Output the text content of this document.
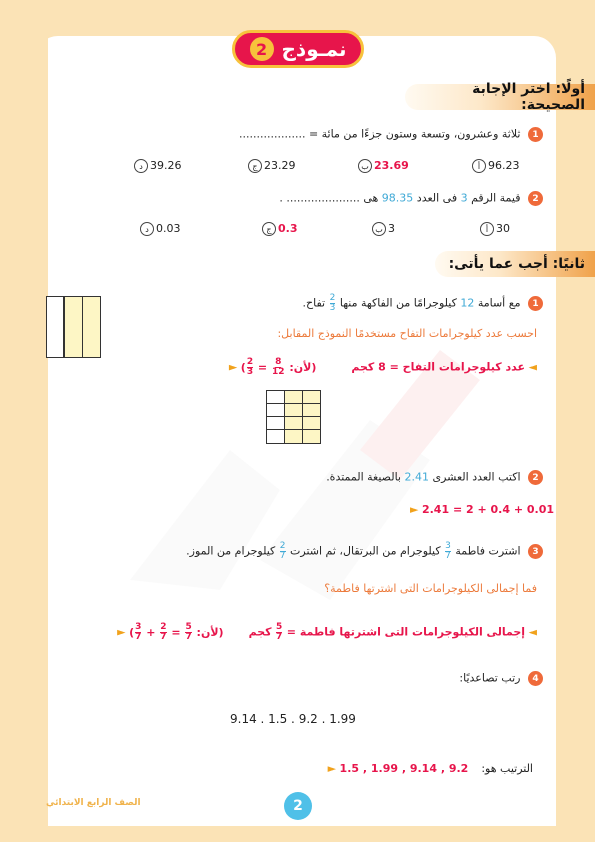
نمـوذج
2
أولًا: اختر الإجابة الصحيحة:
1 ثلاثة وعشرون، وتسعة وستون جزءًا من مائة = ...................
أ 96.23
ب 23.69
ج 23.29
د 39.26
2 قيمة الرقم 3 فى العدد 98.35 هى ..................... .
أ 30
ب 3
ج 0.3
د 0.03
ثانيًا: أجب عما يأتى:
1 مع أسامة 12 كيلوجرامًا من الفاكهة منها
$\frac{2}{3}$
تفاح.
احسب عدد كيلوجرامات التفاح مستخدمًا النموذج المقابل:
◄ عدد كيلوجرامات التفاح = 8 كجم  (لأن:
$\frac{8}{12}$
=
$\frac{2}{3}$
) ►
2 اكتب العدد العشرى 2.41 بالصيغة الممتدة.
► 2.41 = 2 + 0.4 + 0.01
3 اشترت فاطمة
$\frac{3}{7}$
كيلوجرام من البرتقال، ثم اشترت
$\frac{2}{7}$
كيلوجرام من الموز.
فما إجمالى الكيلوجرامات التى اشترتها فاطمة؟
◄ إجمالى الكيلوجرامات التى اشترتها فاطمة =
$\frac{5}{7}$
كجم  (لأن:
$\frac{5}{7}$
=
$\frac{2}{7}$
+
$\frac{3}{7}$
) ►
4 رتب تصاعديًا:
9.14 . 1.5 . 9.2 . 1.99
الترتيب هو:  1.5 , 1.99 , 9.14 , 9.2 ►
الصف الرابع الابتدائي	2
